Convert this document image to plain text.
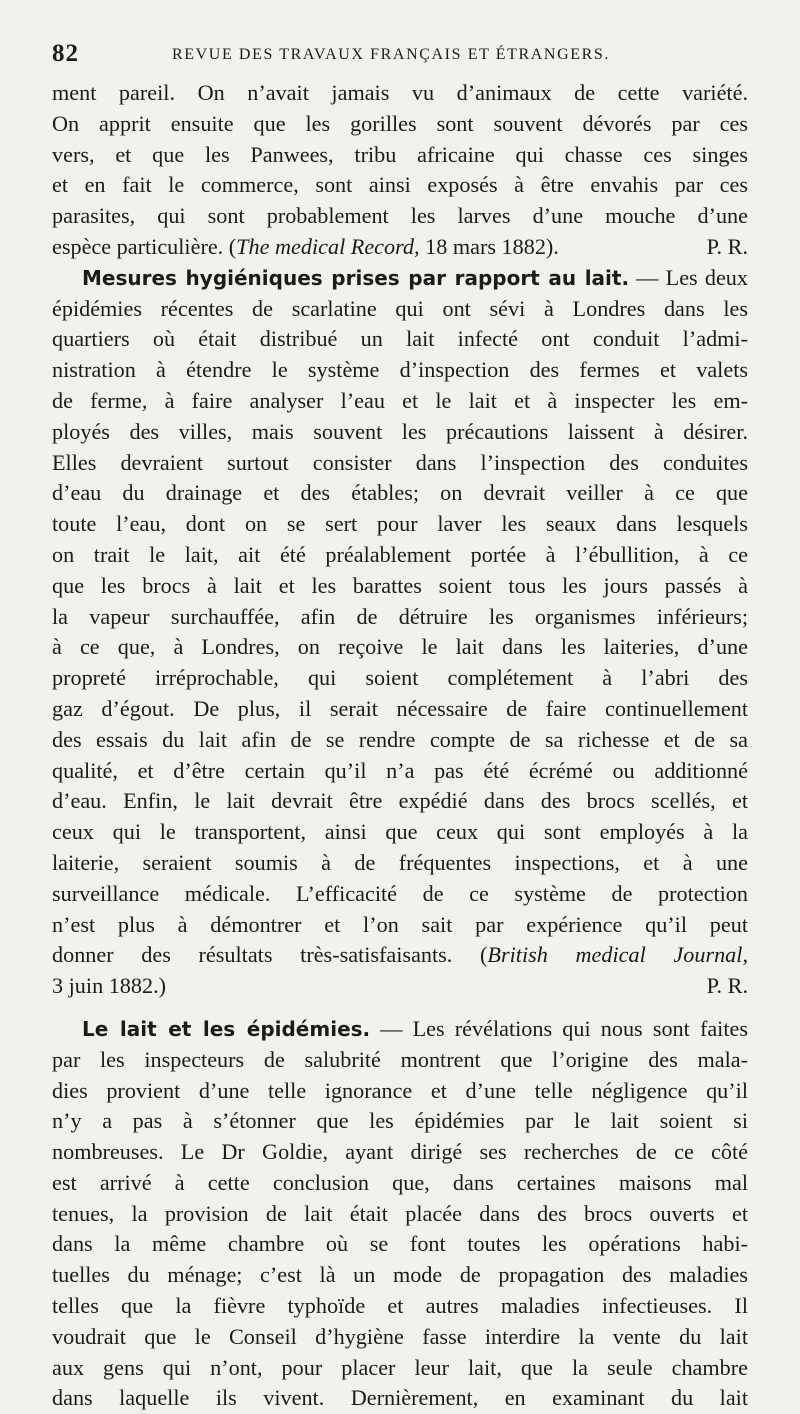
82	REVUE DES TRAVAUX FRANÇAIS ET ÉTRANGERS.
ment pareil. On n’avait jamais vu d’animaux de cette variété.
On apprit ensuite que les gorilles sont souvent dévorés par ces
vers, et que les Panwees, tribu africaine qui chasse ces singes
et en fait le commerce, sont ainsi exposés à être envahis par ces
parasites, qui sont probablement les larves d’une mouche d’une
espèce particulière. (The medical Record, 18 mars 1882).	P. R.
Mesures hygiéniques prises par rapport au lait. — Les deux
épidémies récentes de scarlatine qui ont sévi à Londres dans les
quartiers où était distribué un lait infecté ont conduit l’admi-
nistration à étendre le système d’inspection des fermes et valets
de ferme, à faire analyser l’eau et le lait et à inspecter les em-
ployés des villes, mais souvent les précautions laissent à désirer.
Elles devraient surtout consister dans l’inspection des conduites
d’eau du drainage et des étables; on devrait veiller à ce que
toute l’eau, dont on se sert pour laver les seaux dans lesquels
on trait le lait, ait été préalablement portée à l’ébullition, à ce
que les brocs à lait et les barattes soient tous les jours passés à
la vapeur surchauffée, afin de détruire les organismes inférieurs;
à ce que, à Londres, on reçoive le lait dans les laiteries, d’une
propreté irréprochable, qui soient complétement à l’abri des
gaz d’égout. De plus, il serait nécessaire de faire continuellement
des essais du lait afin de se rendre compte de sa richesse et de sa
qualité, et d’être certain qu’il n’a pas été écrémé ou additionné
d’eau. Enfin, le lait devrait être expédié dans des brocs scellés, et
ceux qui le transportent, ainsi que ceux qui sont employés à la
laiterie, seraient soumis à de fréquentes inspections, et à une
surveillance médicale. L’efficacité de ce système de protection
n’est plus à démontrer et l’on sait par expérience qu’il peut
donner des résultats très-satisfaisants. (British medical Journal,
3 juin 1882.)	P. R.
Le lait et les épidémies. — Les révélations qui nous sont faites
par les inspecteurs de salubrité montrent que l’origine des mala-
dies provient d’une telle ignorance et d’une telle négligence qu’il
n’y a pas à s’étonner que les épidémies par le lait soient si
nombreuses. Le Dr Goldie, ayant dirigé ses recherches de ce côté
est arrivé à cette conclusion que, dans certaines maisons mal
tenues, la provision de lait était placée dans des brocs ouverts et
dans la même chambre où se font toutes les opérations habi-
tuelles du ménage; c’est là un mode de propagation des maladies
telles que la fièvre typhoïde et autres maladies infectieuses. Il
voudrait que le Conseil d’hygiène fasse interdire la vente du lait
aux gens qui n’ont, pour placer leur lait, que la seule chambre
dans laquelle ils vivent. Dernièrement, en examinant du lait
